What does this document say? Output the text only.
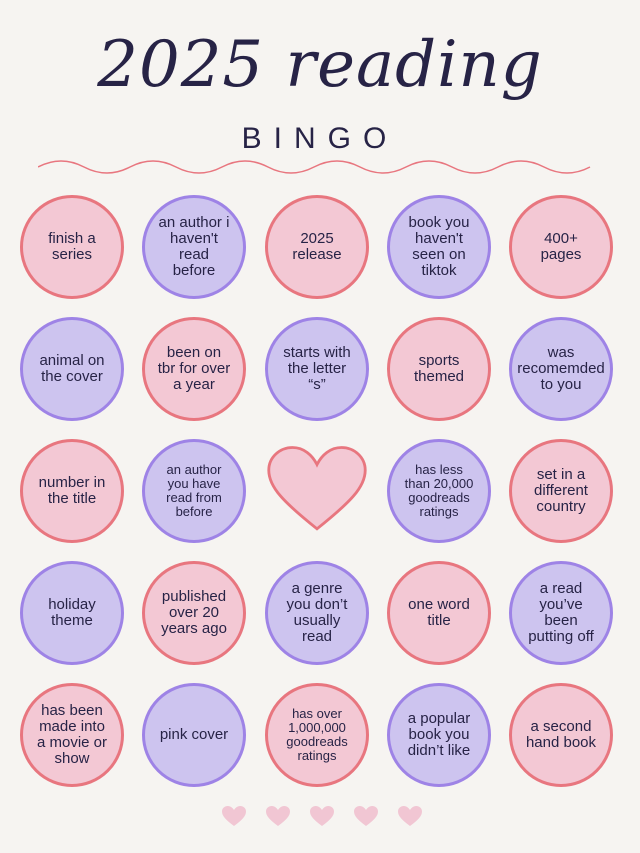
2025 reading
BINGO
finish a series
an author i haven't read before
2025 release
book you haven't seen on tiktok
400+ pages
animal on the cover
been on tbr for over a year
starts with the letter “s”
sports themed
was recomemded to you
number in the title
an author you have read from before
has less than 20,000 goodreads ratings
set in a different country
holiday theme
published over 20 years ago
a genre you don’t usually read
one word title
a read you’ve been putting off
has been made into a movie or show
pink cover
has over 1,000,000 goodreads ratings
a popular book you didn’t like
a second hand book
